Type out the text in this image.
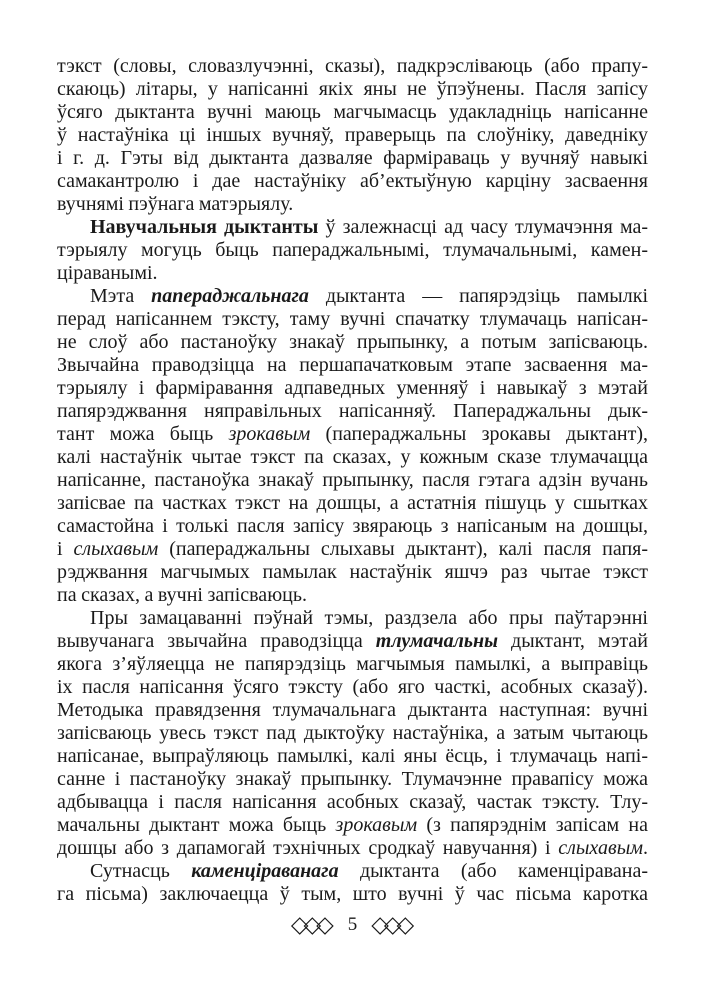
тэкст (словы, словазлучэнні, сказы), падкрэсліваюць (або прапу-
скаюць) літары, у напісанні якіх яны не ўпэўнены. Пасля запісу
ўсяго дыктанта вучні маюць магчымасць удакладніць напісанне
ў настаўніка ці іншых вучняў, праверыць па слоўніку, даведніку
і г. д. Гэты від дыктанта дазваляе фарміраваць у вучняў навыкі
самакантролю і дае настаўніку аб’ектыўную карціну засваення
вучнямі пэўнага матэрыялу.
Навучальныя дыктанты ў залежнасці ад часу тлумачэння ма-
тэрыялу могуць быць папераджальнымі, тлумачальнымі, камен-
ціраванымі.
Мэта папераджальнага дыктанта — папярэдзіць памылкі
перад напісаннем тэксту, таму вучні спачатку тлумачаць напісан-
не слоў або пастаноўку знакаў прыпынку, а потым запісваюць.
Звычайна праводзіцца на першапачатковым этапе засваення ма-
тэрыялу і фарміравання адпаведных уменняў і навыкаў з мэтай
папярэджвання няправільных напісанняў. Папераджальны дык-
тант можа быць зрокавым (папераджальны зрокавы дыктант),
калі настаўнік чытае тэкст па сказах, у кожным сказе тлумачацца
напісанне, пастаноўка знакаў прыпынку, пасля гэтага адзін вучань
запісвае па частках тэкст на дошцы, а астатнія пішуць у сшытках
самастойна і толькі пасля запісу звяраюць з напісаным на дошцы,
і слыхавым (папераджальны слыхавы дыктант), калі пасля папя-
рэджвання магчымых памылак настаўнік яшчэ раз чытае тэкст
па сказах, а вучні запісваюць.
Пры замацаванні пэўнай тэмы, раздзела або пры паўтарэнні
вывучанага звычайна праводзіцца тлумачальны дыктант, мэтай
якога з’яўляецца не папярэдзіць магчымыя памылкі, а выправіць
іх пасля напісання ўсяго тэксту (або яго часткі, асобных сказаў).
Методыка правядзення тлумачальнага дыктанта наступная: вучні
запісваюць увесь тэкст пад дыктоўку настаўніка, а затым чытаюць
напісанае, выпраўляюць памылкі, калі яны ёсць, і тлумачаць напі-
санне і пастаноўку знакаў прыпынку. Тлумачэнне правапісу можа
адбывацца і пасля напісання асобных сказаў, частак тэксту. Тлу-
мачальны дыктант можа быць зрокавым (з папярэднім запісам на
дошцы або з дапамогай тэхнічных сродкаў навучання) і слыхавым.
Сутнасць каменціраванага дыктанта (або каменціравана-
га пісьма) заключаецца ў тым, што вучні ў час пісьма каротка
◇◇◇ 5 ◇◇◇
